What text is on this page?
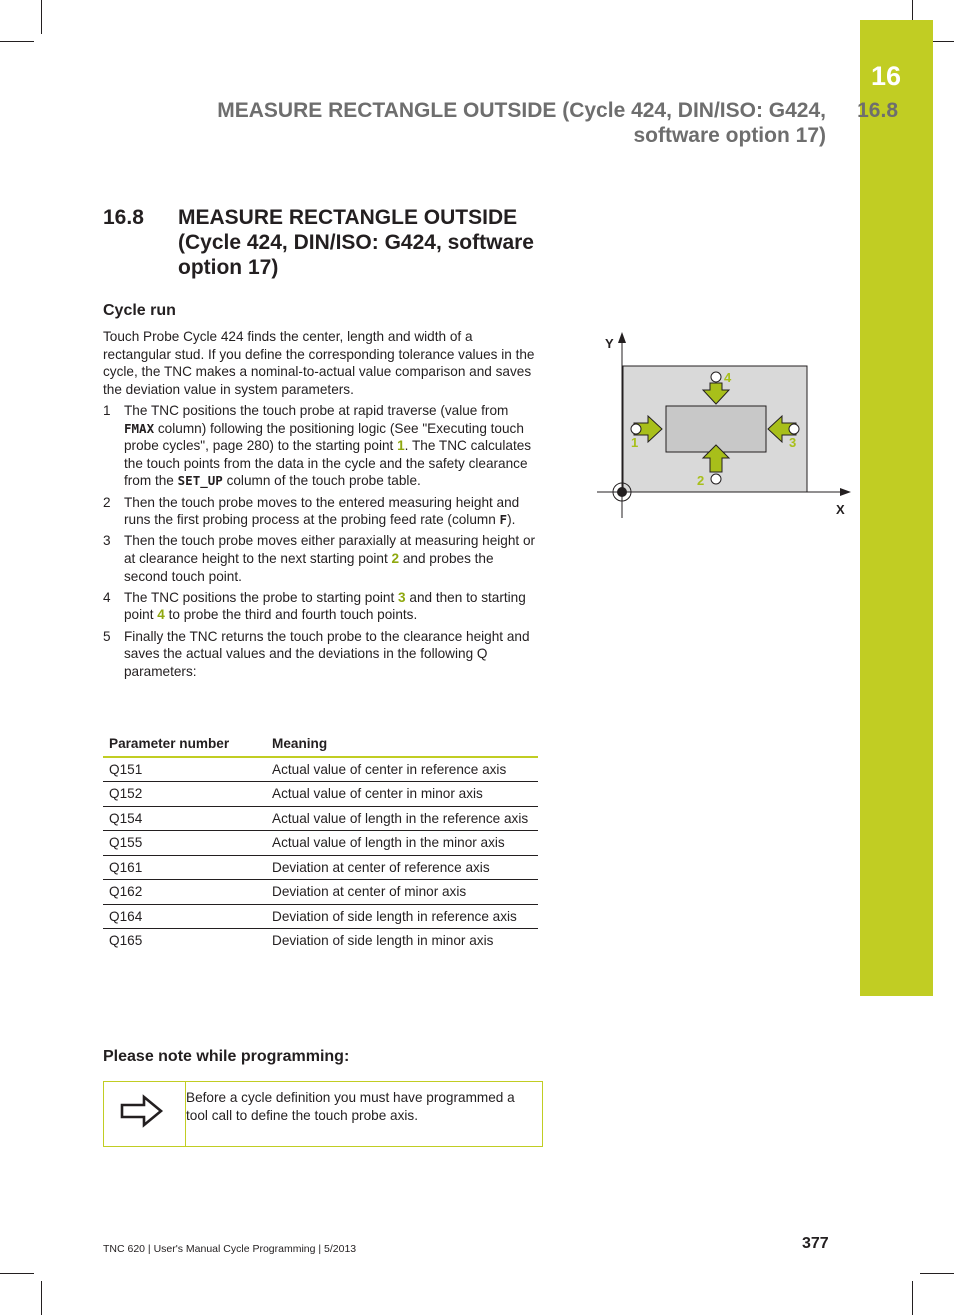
16
MEASURE RECTANGLE OUTSIDE (Cycle 424, DIN/ISO: G424,
software option 17)
16.8
16.8 MEASURE RECTANGLE OUTSIDE (Cycle 424, DIN/ISO: G424, software option 17)
Cycle run
Touch Probe Cycle 424 finds the center, length and width of a rectangular stud. If you define the corresponding tolerance values in the cycle, the TNC makes a nominal-to-actual value comparison and saves the deviation value in system parameters.
1 The TNC positions the touch probe at rapid traverse (value from FMAX column) following the positioning logic (See "Executing touch probe cycles", page 280) to the starting point 1. The TNC calculates the touch points from the data in the cycle and the safety clearance from the SET_UP column of the touch probe table.
2 Then the touch probe moves to the entered measuring height and runs the first probing process at the probing feed rate (column F).
3 Then the touch probe moves either paraxially at measuring height or at clearance height to the next starting point 2 and probes the second touch point.
4 The TNC positions the probe to starting point 3 and then to starting point 4 to probe the third and fourth touch points.
5 Finally the TNC returns the touch probe to the clearance height and saves the actual values and the deviations in the following Q parameters:
Parameter number	Meaning
Q151	Actual value of center in reference axis
Q152	Actual value of center in minor axis
Q154	Actual value of length in the reference axis
Q155	Actual value of length in the minor axis
Q161	Deviation at center of reference axis
Q162	Deviation at center of minor axis
Q164	Deviation of side length in reference axis
Q165	Deviation of side length in minor axis
Please note while programming:
Before a cycle definition you must have programmed a tool call to define the touch probe axis.
Y
X
1
2
3
4
TNC 620 | User's Manual Cycle Programming | 5/2013	377
